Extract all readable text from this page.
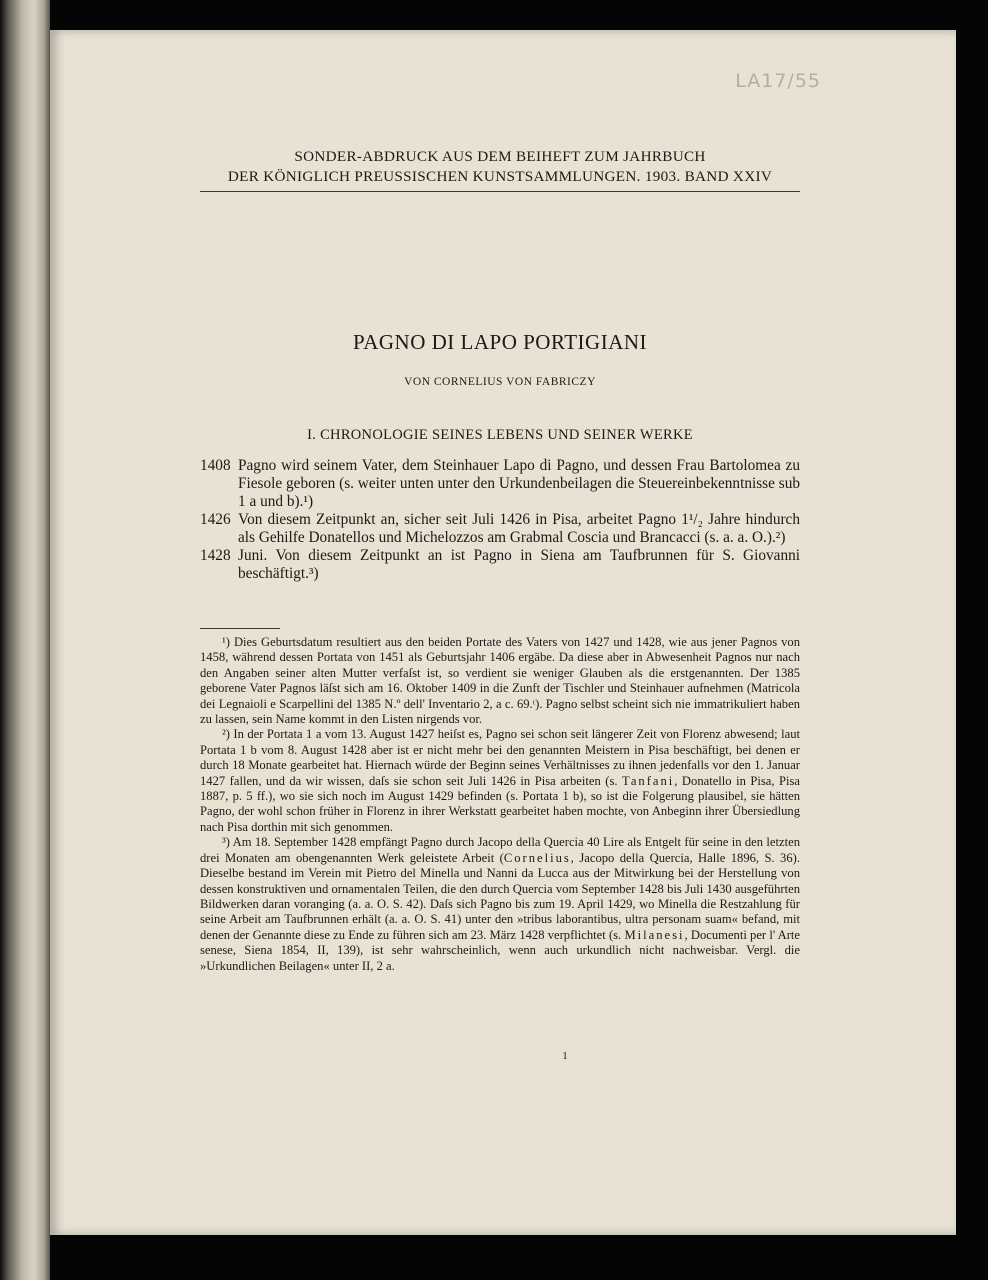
LA17/55
SONDER-ABDRUCK AUS DEM BEIHEFT ZUM JAHRBUCH
DER KÖNIGLICH PREUSSISCHEN KUNSTSAMMLUNGEN. 1903. BAND XXIV
PAGNO DI LAPO PORTIGIANI
VON CORNELIUS VON FABRICZY
I. CHRONOLOGIE SEINES LEBENS UND SEINER WERKE
1408 Pagno wird seinem Vater, dem Steinhauer Lapo di Pagno, und dessen Frau Bartolomea zu Fiesole geboren (s. weiter unten unter den Urkundenbeilagen die Steuereinbekenntnisse sub 1 a und b).¹)
1426 Von diesem Zeitpunkt an, sicher seit Juli 1426 in Pisa, arbeitet Pagno 1¹/₂ Jahre hindurch als Gehilfe Donatellos und Michelozzos am Grabmal Coscia und Brancacci (s. a. a. O.).²)
1428 Juni. Von diesem Zeitpunkt an ist Pagno in Siena am Taufbrunnen für S. Giovanni beschäftigt.³)

¹) Dies Geburtsdatum resultiert aus den beiden Portate des Vaters von 1427 und 1428, wie aus jener Pagnos von 1458, während dessen Portata von 1451 als Geburtsjahr 1406 ergäbe. Da diese aber in Abwesenheit Pagnos nur nach den Angaben seiner alten Mutter verfaſst ist, so verdient sie weniger Glauben als die erstgenannten. Der 1385 geborene Vater Pagnos läſst sich am 16. Oktober 1409 in die Zunft der Tischler und Steinhauer aufnehmen (Matricola dei Legnaioli e Scarpellini del 1385 N.º dell' Inventario 2, a c. 69.ᵗ). Pagno selbst scheint sich nie immatrikuliert haben zu lassen, sein Name kommt in den Listen nirgends vor.

²) In der Portata 1 a vom 13. August 1427 heiſst es, Pagno sei schon seit längerer Zeit von Florenz abwesend; laut Portata 1 b vom 8. August 1428 aber ist er nicht mehr bei den genannten Meistern in Pisa beschäftigt, bei denen er durch 18 Monate gearbeitet hat. Hiernach würde der Beginn seines Verhältnisses zu ihnen jedenfalls vor den 1. Januar 1427 fallen, und da wir wissen, daſs sie schon seit Juli 1426 in Pisa arbeiten (s. Tanfani, Donatello in Pisa, Pisa 1887, p. 5 ff.), wo sie sich noch im August 1429 befinden (s. Portata 1 b), so ist die Folgerung plausibel, sie hätten Pagno, der wohl schon früher in Florenz in ihrer Werkstatt gearbeitet haben mochte, von Anbeginn ihrer Übersiedlung nach Pisa dorthin mit sich genommen.

³) Am 18. September 1428 empfängt Pagno durch Jacopo della Quercia 40 Lire als Entgelt für seine in den letzten drei Monaten am obengenannten Werk geleistete Arbeit (Cornelius, Jacopo della Quercia, Halle 1896, S. 36). Dieselbe bestand im Verein mit Pietro del Minella und Nanni da Lucca aus der Mitwirkung bei der Herstellung von dessen konstruktiven und ornamentalen Teilen, die den durch Quercia vom September 1428 bis Juli 1430 ausgeführten Bildwerken daran voranging (a. a. O. S. 42). Daſs sich Pagno bis zum 19. April 1429, wo Minella die Restzahlung für seine Arbeit am Taufbrunnen erhält (a. a. O. S. 41) unter den »tribus laborantibus, ultra personam suam« befand, mit denen der Genannte diese zu Ende zu führen sich am 23. März 1428 verpflichtet (s. Milanesi, Documenti per l' Arte senese, Siena 1854, II, 139), ist sehr wahrscheinlich, wenn auch urkundlich nicht nachweisbar. Vergl. die »Urkundlichen Beilagen« unter II, 2 a.

1
